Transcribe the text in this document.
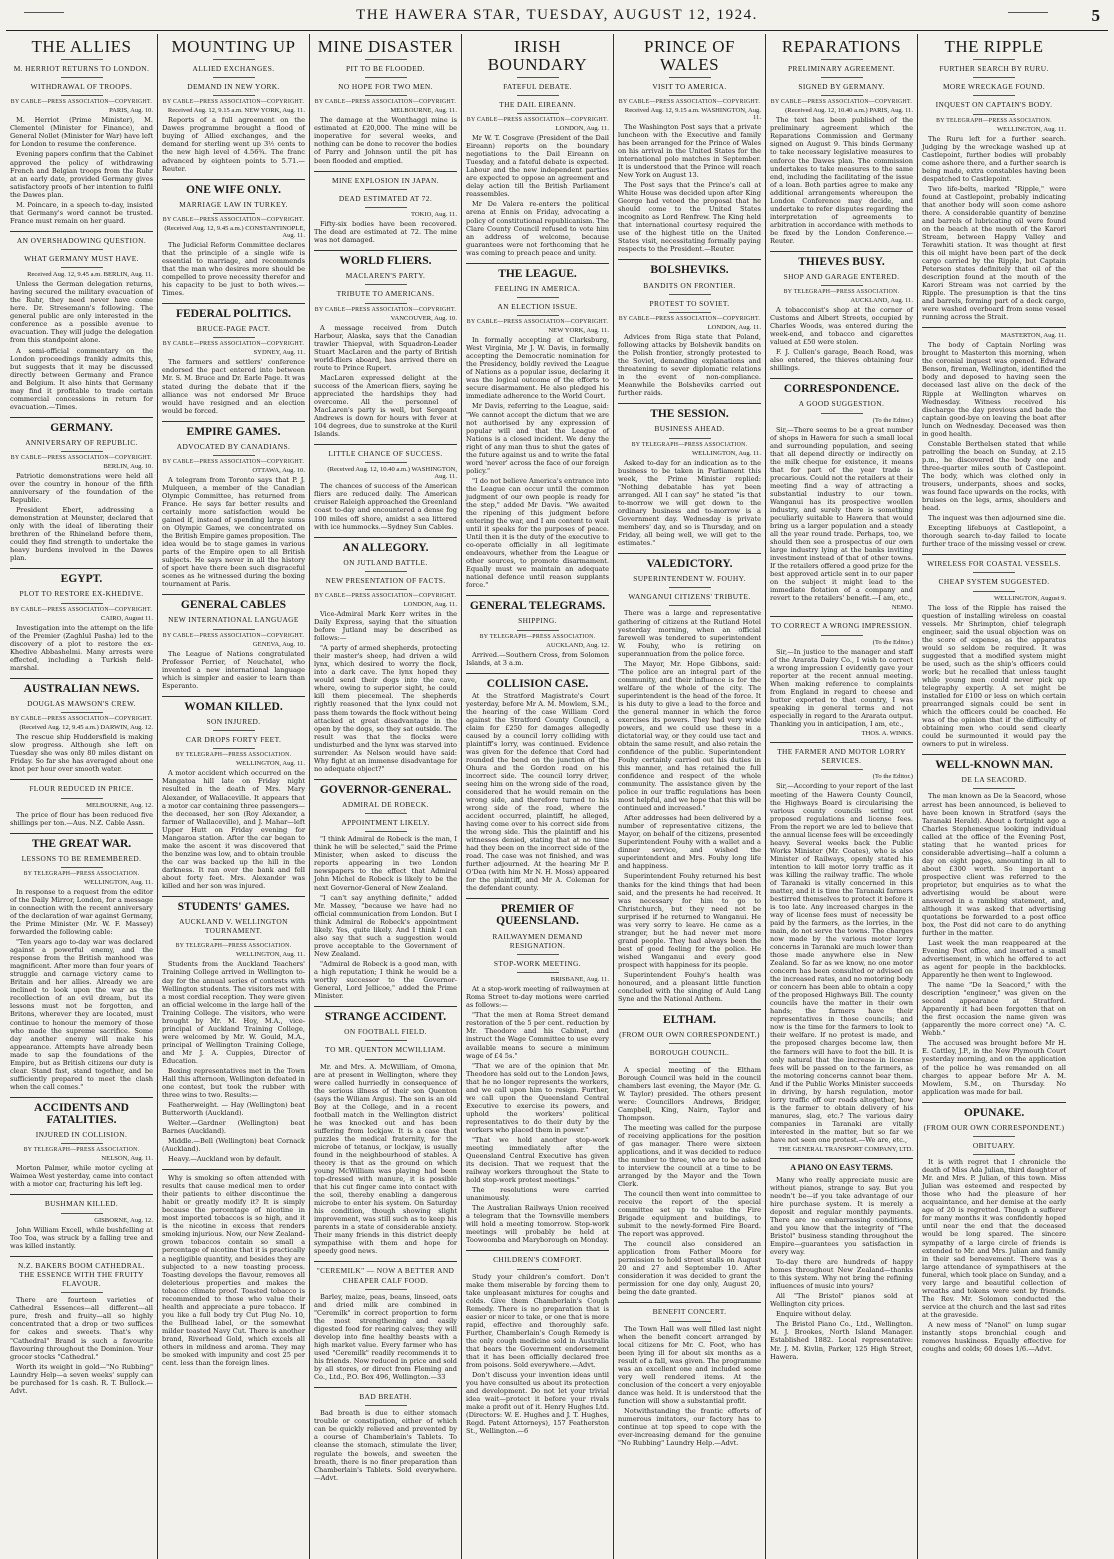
THE HAWERA STAR, TUESDAY, AUGUST 12, 1924.	5
THE ALLIES
M. HERRIOT RETURNS TO LONDON.
WITHDRAWAL OF TROOPS.
BY CABLE—PRESS ASSOCIATION—COPYRIGHT.
PARIS, Aug. 10.

M. Herriot (Prime Minister), M. Clementel (Minister for Finance), and General Nollet (Minister for War) have left for London to resume the conference.

Evening papers confirm that the Cabinet approved the policy of withdrawing French and Belgian troops from the Ruhr at an early date, provided Germany gives satisfactory proofs of her intention to fulfil the Dawes plan.

M. Poincare, in a speech to-day, insisted that Germany's word cannot be trusted. France must remain on her guard.

AN OVERSHADOWING QUESTION.
WHAT GERMANY MUST HAVE.
Received Aug. 12, 9.45 a.m. BERLIN, Aug. 11.

Unless the German delegation returns, having secured the military evacuation of the Ruhr, they need never have come here. Dr. Stresemann's following. The general public are only interested in the conference as a possible avenue to evacuation. They will judge the delegation from this standpoint alone.

A semi-official commentary on the London proceedings frankly admits this, but suggests that it may be discussed directly between Germany and France and Belgium. It also hints that Germany may find it profitable to trade certain commercial concessions in return for evacuation.—Times.

GERMANY.
ANNIVERSARY OF REPUBLIC.
BY CABLE—PRESS ASSOCIATION—COPYRIGHT.
BERLIN, Aug. 10.

Patriotic demonstrations were held all over the country in honour of the fifth anniversary of the foundation of the Republic.

President Ebert, addressing a demonstration at Meunster, declared that only with the ideal of liberating their brethren of the Rhineland before them, could they find strength to undertake the heavy burdens involved in the Dawes plan.

EGYPT.
PLOT TO RESTORE EX-KHEDIVE.
BY CABLE—PRESS ASSOCIATION—COPYRIGHT.
CAIRO, August 11.

Investigation into the attempt on the life of the Premier (Zaghlul Pasha) led to the discovery of a plot to restore the ex-Khedive Abbashelmi. Many arrests were effected, including a Turkish field-marshal.

AUSTRALIAN NEWS.
DOUGLAS MAWSON'S CREW.
BY CABLE—PRESS ASSOCIATION—COPYRIGHT.
(Received Aug. 12, 9.45 a.m.) DARWIN, Aug. 12.

The rescue ship Huddersfield is making slow progress. Although she left on Tuesday she was only 80 miles distant on Friday. So far she has averaged about one knot per hour over smooth water.

FLOUR REDUCED IN PRICE.
MELBOURNE, Aug. 12.

The price of flour has been reduced five shillings per ton.—Aus. N.Z. Cable Assn.

THE GREAT WAR.
LESSONS TO BE REMEMBERED.
BY TELEGRAPH—PRESS ASSOCIATION.
WELLINGTON, Aug. 11.

In response to a request from the editor of the Daily Mirror, London, for a message in connection with the recent anniversary of the declaration of war against Germany, the Prime Minister (Mr. W. F. Massey) forwarded the following cable:

"Ten years ago to-day war was declared against a powerful enemy, and the response from the British manhood was magnificent. After more than four years of struggle and carnage victory came to Britain and her allies. Already we are inclined to look upon the war as the recollection of an evil dream, but its lessons must not be forgotten, and Britons, wherever they are located, must continue to honour the memory of those who made the supreme sacrifice. Some day another enemy will make his appearance. Attempts have already been made to sap the foundations of the Empire, but as British citizens our duty is clear. Stand fast, stand together, and be sufficiently prepared to meet the clash when the call comes."

ACCIDENTS AND FATALITIES.
INJURED IN COLLISION.
BY TELEGRAPH—PRESS ASSOCIATION.
NELSON, Aug. 11.

Morton Palmer, while motor cycling at Waimea West yesterday, came into contact with a motor car, fracturing his left leg.

BUSHMAN KILLED.
GISBORNE, Aug. 12.

John William Excell, while bushfelling at Too Toa, was struck by a falling tree and was killed instantly.

N.Z. BAKERS BOOM CATHEDRAL. THE ESSENCE WITH THE FRUITY FLAVOUR.

There are fourteen varieties of Cathedral Essences—all different—all pure, fresh and fruity—all so highly concentrated that a drop or two suffices for cakes and sweets. That's why "Cathedral" Brand is such a favourite flavouring throughout the Dominion. Your grocer stocks "Cathedral."

Worth its weight in gold—"No Rubbing" Laundry Help—a seven weeks' supply can be purchased for 1s cash. R. T. Bullock.—Advt.

MOUNTING UP
ALLIED EXCHANGES.
DEMAND IN NEW YORK.
BY CABLE—PRESS ASSOCIATION—COPYRIGHT.
Received Aug. 12, 9.15 a.m. NEW YORK, Aug. 11.

Reports of a full agreement on the Dawes programme brought a flood of buying of Allied exchanges, and the demand for sterling went up 3½ cents to the new high level of 4.56¾. The franc advanced by eighteen points to 5.71.—Reuter.

ONE WIFE ONLY.
MARRIAGE LAW IN TURKEY.
BY CABLE—PRESS ASSOCIATION—COPYRIGHT.
(Received Aug. 12, 9.45 a.m.) CONSTANTINOPLE, Aug. 11.

The Judicial Reform Committee declares that the principle of a single wife is essential to marriage, and recommends that the man who desires more should be compelled to prove necessity therefor and his capacity to be just to both wives.—Times.

FEDERAL POLITICS.
BRUCE-PAGE PACT.
BY CABLE—PRESS ASSOCIATION—COPYRIGHT.
SYDNEY, Aug. 11.

The farmers and settlers' conference endorsed the pact entered into between Mr. S. M. Bruce and Dr. Earle Page. It was stated during the debate that if the alliance was not endorsed Mr Bruce would have resigned and an election would be forced.

EMPIRE GAMES.
ADVOCATED BY CANADIANS.
BY CABLE—PRESS ASSOCIATION—COPYRIGHT.
OTTAWA, Aug. 10.

A telegram from Toronto says that P. J. Mulqueen, a member of the Canadian Olympic Committee, has returned from France. He says far better results and certainly more satisfaction would be gained if, instead of spending large sums on Olympic Games, we concentrated on the British Empire games proposition. The idea would be to stage games in various parts of the Empire open to all British subjects. He says never in all the history of sport have there been such disgraceful scenes as he witnessed during the boxing tournament at Paris.

GENERAL CABLES
NEW INTERNATIONAL LANGUAGE
BY CABLE—PRESS ASSOCIATION—COPYRIGHT.
GENEVA, Aug. 10.

The League of Nations congratulated Professor Perrier, of Neuchatel, who invented a new international language which is simpler and easier to learn than Esperanto.

WOMAN KILLED.
SON INJURED.
CAR DROPS FORTY FEET.
BY TELEGRAPH—PRESS ASSOCIATION.
WELLINGTON, Aug. 11.

A motor accident which occurred on the Mangatoa hill late on Friday night resulted in the death of Mrs. Mary Alexander, of Wallaceville. It appears that a motor car containing three passengers—the deceased, her son (Roy Alexander, a farmer of Wallaceville), and J. Mahar—left Upper Hutt on Friday evening for Mangaroa station. After the car began to make the ascent it was discovered that the benzine was low, and to obtain trouble the car was backed up the hill in the darkness. It ran over the bank and fell about forty feet. Mrs. Alexander was killed and her son was injured.

STUDENTS' GAMES.
AUCKLAND V. WELLINGTON TOURNAMENT.
BY TELEGRAPH—PRESS ASSOCIATION.
WELLINGTON, Aug. 11.

Students from the Auckland Teachers' Training College arrived in Wellington to-day for the annual series of contests with Wellington students. The visitors met with a most cordial reception. They were given an official welcome in the large hall of the Training College. The visitors, who were brought by Mr. M. Hoy, M.A., vice-principal of Auckland Training College, were welcomed by Mr. W. Gould, M.A., principal of Wellington Training College, and Mr J. A. Cuppies, Director of Education.

Boxing representatives met in the Town Hall this afternoon, Wellington defeated in one contest, but took the rubber with three wins to two. Results:—

Featherweight. — Hay (Wellington) beat Butterworth (Auckland).

Welter.—Gardner (Wellington) beat Barnes (Auckland).

Middle.—Bell (Wellington) beat Cornack (Auckland).

Heavy.—Auckland won by default.

Why is smoking so often attended with results that cause medical men to order their patients to either discontinue the habit or greatly modify it? It is simply because the percentage of nicotine in most imported tobaccos is so high, and it is the nicotine in excess that renders smoking injurious. Now, our New Zealand-grown tobaccos contain so small a percentage of nicotine that it is practically a negligible quantity, and besides they are subjected to a new toasting process. Toasting develops the flavour, removes all deleterious properties and makes the tobacco climate proof. Toasted tobacco is recommended to those who value their health and appreciate a pure tobacco. If you like a full body try Cut Plug No. 10, the Bullhead label, or the somewhat milder toasted Navy Cut. There is another brand, Riverhead Gold, which excels all others in mildness and aroma. They may be smoked with impunity and cost 25 per cent. less than the foreign lines.

MINE DISASTER
PIT TO BE FLOODED.
NO HOPE FOR TWO MEN.
BY CABLE—PRESS ASSOCIATION—COPYRIGHT.
MELBOURNE, Aug. 11.

The damage at the Wonthaggi mine is estimated at £20,000. The mine will be inoperative for several weeks, and nothing can be done to recover the bodies of Parry and Johnson until the pit has been flooded and emptied.

MINE EXPLOSION IN JAPAN.
DEAD ESTIMATED AT 72.
TOKIO, Aug. 11.

Fifty-six bodies have been recovered. The dead are estimated at 72. The mine was not damaged.

WORLD FLIERS.
MACLAREN'S PARTY.
TRIBUTE TO AMERICANS.
BY CABLE—PRESS ASSOCIATION—COPYRIGHT.
VANCOUVER, Aug. 10.

A message received from Dutch Harbour, Alaska, says that the Canadian trawler Thiepval, with Squadron-Leader Stuart MacLaren and the party of British world-fliers aboard, has arrived there en route to Prince Rupert.

MacLaren expressed delight at the success of the American fliers, saying he appreciated the hardships they had overcome. All the personnel of MacLaren's party is well, but Sergeant Andrews is down for hours with fever at 104 degrees, due to sunstroke at the Kuril Islands.

LITTLE CHANCE OF SUCCESS.
(Received Aug. 12, 10.40 a.m.) WASHINGTON, Aug. 11.

The chances of success of the American fliers are reduced daily. The American cruiser Raleigh approached the Greenland coast to-day and encountered a dense fog 100 miles off shore, amidst a sea littered with ice hummocks.—Sydney Sun Cables.

AN ALLEGORY.
ON JUTLAND BATTLE.
NEW PRESENTATION OF FACTS.
BY CABLE—PRESS ASSOCIATION—COPYRIGHT.
LONDON, Aug. 11.

Vice-Admiral Mark Kerr writes in the Daily Express, saying that the situation before Jutland may be described as follows:—

"A party of armed shepherds, protecting their master's sheep, had driven a wild lynx, which desired to worry the flock, into a dark cave. The lynx hoped they would send their dogs into the cave, where, owing to superior sight, he could kill them piecemeal. The shepherds rightly reasoned that the lynx could not pass them towards the flock without being attacked at great disadvantage in the open by the dogs, so they sat outside. The result was that the flocks were undisturbed and the lynx was starved into surrender. As Nelson would have said: Why fight at an immense disadvantage for no adequate object?"

GOVERNOR-GENERAL.
ADMIRAL DE ROBECK.
APPOINTMENT LIKELY.

"I think Admiral de Robeck is the man, I think he will be selected," said the Prime Minister, when asked to discuss the reports appearing in two London newspapers to the effect that Admiral John Michel de Robeck is likely to be the next Governor-General of New Zealand.

"I can't say anything definite," added Mr. Massey, "because we have had no official communication from London. But I think Admiral de Robeck's appointment likely. Yes, quite likely. And I think I can also say that such a suggestion would prove acceptable to the Government of New Zealand.

"Admiral de Robeck is a good man, with a high reputation; I think he would be a worthy successor to the Governor-General, Lord Jellicoe," added the Prime Minister.

STRANGE ACCIDENT.
ON FOOTBALL FIELD.
TO MR. QUENTON MCWILLIAM.

Mr. and Mrs. A. McWilliam, of Omona, are at present in Wellington, where they were called hurriedly in consequence of the serious illness of their son Quenton (says the Wiliam Argus). The son is an old Boy at the College, and in a recent football match in the Wellington district he was knocked out and has been suffering from lockjaw. It is a case that puzzles the medical fraternity, for the microbe of tetanus, or lockjaw, is usually found in the neighbourhood of stables. A theory is that as the ground on which young McWilliam was playing had been top-dressed with manure, it is possible that his cut finger came into contact with the soil, thereby enabling a dangerous microbe to enter his system. On Saturday his condition, though showing slight improvement, was still such as to keep his parents in a state of considerable anxiety. Their many friends in this district deeply sympathise with them and hope for speedy good news.

"CEREMILK" — NOW A BETTER AND CHEAPER CALF FOOD.

Barley, maize, peas, beans, linseed, oats and dried milk are combined in "Ceremilk" in correct proportion to form the most strengthening and easily digested food for rearing calves; they will develop into fine healthy beasts with a high market value. Every farmer who has used "Ceremilk" readily recommends it to his friends. Now reduced in price and sold by all stores, or direct from Fleming and Co., Ltd., P.O. Box 496, Wellington.—33

BAD BREATH.

Bad breath is due to either stomach trouble or constipation, either of which can be quickly relieved and prevented by a course of Chamberlain's Tablets. To cleanse the stomach, stimulate the liver, regulate the bowels, and sweeten the breath, there is no finer preparation than Chamberlain's Tablets. Sold everywhere.—Advt.

IRISH BOUNDARY
FATEFUL DEBATE.
THE DAIL EIREANN.
BY CABLE—PRESS ASSOCIATION—COPYRIGHT.
LONDON, Aug. 11.

Mr W. T. Cosgrave (President of the Dail Eireann) reports on the boundary negotiations to the Dail Eireann on Tuesday, and a fateful debate is expected. Labour and the new independent parties are expected to oppose an agreement and delay action till the British Parliament reassembles.

Mr De Valera re-enters the political arena at Ennis on Friday, advocating a policy of constitutional republicanism. The Clare County Council refused to vote him an address of welcome, because guarantees were not forthcoming that he was coming to preach peace and unity.

THE LEAGUE.
FEELING IN AMERICA.
AN ELECTION ISSUE.
BY CABLE—PRESS ASSOCIATION—COPYRIGHT.
NEW YORK, Aug. 11.

In formally accepting at Clarksburg, West Virginia, Mr J. W. Davis, in formally accepting the Democratic nomination for the Presidency, boldly revived the League of Nations as a popular issue, declaring it was the logical outcome of the efforts to secure disarmament. He also pledged his immediate adherence to the World Court.

Mr Davis, referring to the League, said: "We cannot accept the dictum that we are not authorised by any expression of popular will and that the League of Nations is a closed incident. We deny the right of any man thus to shut the gates of the future against us and to write the fatal word 'never' across the face of our foreign policy."

"I do not believe America's entrance into the League can occur until the common judgment of our own people is ready for the step," added Mr Davis. "We awaited the ripening of this judgment before entering the war, and I am content to wait until it speaks for the purposes of peace. Until then it is the duty of the executive to co-operate officially in all legitimate endeavours, whether from the League or other sources, to promote disarmament. Equally must we maintain an adequate national defence until reason supplants force."

GENERAL TELEGRAMS.
SHIPPING.
BY TELEGRAPH—PRESS ASSOCIATION.
AUCKLAND, Aug. 12.

Arrived.—Southern Cross, from Solomon Islands, at 3 a.m.

COLLISION CASE.

At the Stratford Magistrate's Court yesterday, before Mr A. M. Mowlem, S.M., the hearing of the case William Cord against the Stratford County Council, a claim for £250 for damages allegedly caused by a council lorry colliding with plaintiff's lorry, was continued. Evidence was given for the defence that Cord had rounded the bend on the junction of the Ohura and the Gordon road on his incorrect side. The council lorry driver, seeing him on the wrong side of the road, considered that he would remain on the wrong side, and therefore turned to his wrong side of the road, where the accident occurred, plaintiff, he alleged, having come over to his correct side from the wrong side. This the plaintiff and his witnesses denied, stating that at no time had they been on the incorrect side of the road. The case was not finished, and was further adjourned. At the hearing Mr P. O'Dea (with him Mr N. H. Moss) appeared for the plaintiff, and Mr A. Coleman for the defendant county.

PREMIER OF QUEENSLAND.
RAILWAYMEN DEMAND RESIGNATION.
STOP-WORK MEETING.
BRISBANE, Aug. 11.

At a stop-work meeting of railwaymen at Roma Street to-day motions were carried as follows:—

"That the men at Roma Street demand restoration of the 5 per cent. reduction by Mr. Theodore and his Cabinet, and instruct the Wage Committee to use every available means to secure a minimum wage of £4 5s."

"That we are of the opinion that Mr. Theodore has sold out to the London Jews, that he no longer represents the workers, and we call upon him to resign. Further, we call upon the Queensland Central Executive to exercise its powers, and uphold the workers' political representatives to do their duty by the workers who placed them in power."

"That we hold another stop-work meeting immediately after the Queensland Central Executive has given its decision. That we request that the railway workers throughout the State to hold stop-work protest meetings."

The resolutions were carried unanimously.

The Australian Railways Union received a telegram that the Townsville members will hold a meeting tomorrow. Stop-work meetings will probably be held at Toowoomba and Maryborough on Monday.

CHILDREN'S COMFORT.

Study your children's comfort. Don't make them miserable by forcing them to take unpleasant mixtures for coughs and colds. Give them Chamberlain's Cough Remedy. There is no preparation that is easier or nicer to take, or one that is more rapid, effective and thoroughly safe. Further, Chamberlain's Cough Remedy is the only cough medicine sold in Australia that bears the Government endorsement that it has been officially declared free from poisons. Sold everywhere.—Advt.

Don't discuss your invention ideas until you have consulted us about its protection and development. Do not let your trivial idea wait—protect it before your rivals make a profit out of it. Henry Hughes Ltd. (Directors: W. E. Hughes and J. T. Hughes, Regd. Patent Attorneys), 157 Featherston St., Wellington.—6

PRINCE OF WALES
VISIT TO AMERICA.
BY CABLE—PRESS ASSOCIATION—COPYRIGHT.
Received Aug. 12, 9.15 a.m. WASHINGTON, Aug. 11.

The Washington Post says that a private luncheon with the Executive and family has been arranged for the Prince of Wales on his arrival in the United States for the international polo matches in September. It is understood that the Prince will reach New York on August 13.

The Post says that the Prince's call at White House was decided upon after King George had vetoed the proposal that he should come to the United States incognito as Lord Renfrew. The King held that international courtesy required the use of the highest title on the United States visit, necessitating formally paying respects to the President.—Reuter.

BOLSHEVIKS.
BANDITS ON FRONTIER.
PROTEST TO SOVIET.
BY CABLE—PRESS ASSOCIATION—COPYRIGHT.
LONDON, Aug. 11.

Advices from Riga state that Poland, following attacks by Bolshevik bandits on the Polish frontier, strongly protested to the Soviet, demanding explanations and threatening to sever diplomatic relations in the event of non-compliance. Meanwhile the Bolsheviks carried out further raids.

THE SESSION.
BUSINESS AHEAD.
BY TELEGRAPH—PRESS ASSOCIATION.
WELLINGTON, Aug. 11.

Asked to-day for an indication as to the business to be taken in Parliament this week, the Prime Minister replied: "Nothing debatable has yet been arranged. All I can say" he stated "is that to-morrow we will get down to the ordinary business and to-morrow is a Government day. Wednesday is private members' day, and so is Thursday, and on Friday, all being well, we will get to the estimates."

VALEDICTORY.
SUPERINTENDENT W. FOUHY.
WANGANUI CITIZENS' TRIBUTE.

There was a large and representative gathering of citizens at the Rutland Hotel yesterday morning, when an official farewell was tendered to superintendent W. Fouhy, who is retiring on superannuation from the police force.

The Mayor, Mr. Hope Gibbons, said: "The police are an integral part of the community, and their influence is for the welfare of the whole of the city. The superintendent is the head of the force. It is his duty to give a lead to the force and the general manner in which the force exercises its powers. They had very wide powers, and we could use these in a dictatorial way, or they could use tact and obtain the same result, and also retain the confidence of the public. Superintendent Fouhy certainly carried out his duties in this manner, and has retained the full confidence and respect of the whole community. The assistance given by the police in our traffic regulations has been most helpful, and we hope that this will be continued and increased."

After addresses had been delivered by a number of representative citizens, the Mayor, on behalf of the citizens, presented Superintendent Fouhy with a wallet and a dinner service, and wished the superintendent and Mrs. Fouhy long life and happiness.

Superintendent Fouhy returned his best thanks for the kind things that had been said, and the presents he had received. It was necessary for him to go to Christchurch, but they need not be surprised if he returned to Wanganui. He was very sorry to leave. He came as a stranger, but he had never met more grand people. They had always been the best of good feeling for the police. He wished Wanganui and every good prospect with happiness for its people.

Superintendent Fouhy's health was honoured, and a pleasant little function concluded with the singing of Auld Lang Syne and the National Anthem.

ELTHAM.
(FROM OUR OWN CORRESPONDENT.)
BOROUGH COUNCIL.

A special meeting of the Eltham Borough Council was held in the council chambers last evening, the Mayor (Mr. G. W. Taylor) presided. The others present were: Councillors Andrews, Bridger, Campbell, King, Nairn, Taylor and Thompson.

The meeting was called for the purpose of receiving applications for the position of gas manager. There were sixteen applications, and it was decided to reduce the number to three, who are to be asked to interview the council at a time to be arranged by the Mayor and the Town Clerk.

The council then went into committee to receive the report of the special committee set up to value the Fire Brigade equipment and buildings, to submit to the newly-formed Fire Board. The report was approved.

The council also considered an application from Father Moore for permission to hold street stalls on August 20 and 27 and September 10. After consideration it was decided to grant the permission for one day only, August 20, being the date granted.

BENEFIT CONCERT.

The Town Hall was well filled last night when the benefit concert arranged by local citizens for Mr. C. Foot, who has been lying ill for about six months as a result of a fall, was given. The programme was an excellent one and included some very well rendered items. At the conclusion of the concert a very enjoyable dance was held. It is understood that the function will show a substantial profit.

Notwithstanding the frantic efforts of numerous imitators, our factory has to continue at top speed to cope with the ever-increasing demand for the genuine "No Rubbing" Laundry Help.—Advt.

REPARATIONS
PRELIMINARY AGREEMENT.
SIGNED BY GERMANY.
BY CABLE—PRESS ASSOCIATION—COPYRIGHT.
(Received Aug. 12, 10.40 a.m.) PARIS, Aug. 11.

The text has been published of the preliminary agreement which the Reparations Commission and Germany signed on August 9. This binds Germany to take necessary legislative measures to enforce the Dawes plan. The commission undertakes to take measures to the same end, including the facilitating of the issue of a loan. Both parties agree to make any additional arrangements whereupon the London Conference may decide, and undertake to refer disputes regarding the interpretation of agreements to arbitration in accordance with methods to be fixed by the London Conference.—Reuter.

THIEVES BUSY.
SHOP AND GARAGE ENTERED.
BY TELEGRAPH—PRESS ASSOCIATION.
AUCKLAND, Aug. 11.

A tobacconist's shop at the corner of Customs and Albert Streets, occupied by Charles Woods, was entered during the week-end, and tobacco and cigarettes valued at £50 were stolen.

F. J. Cullen's garage, Beach Road, was also entered, the thieves obtaining four shillings.

CORRESPONDENCE.
A GOOD SUGGESTION.
(To the Editor.)

Sir,—There seems to be a great number of shops in Hawera for such a small local and surrounding population, and seeing that all depend directly or indirectly on the milk cheque for existence, it means that for part of the year trade is precarious. Could not the retailers at their meeting find a way of attracting a substantial industry to our town. Wanganui has its prospective woollen industry, and surely there is something peculiarly suitable to Hawera that would bring us a larger population and a steady all the year round trade. Perhaps, too, we should then see a prospectus of our own large industry lying at the banks inviting investment instead of that of other towns. If the retailers offered a good prize for the best approved article sent in to our paper on the subject it might lead to the immediate flotation of a company and revert to the retailers' benefit.—I am, etc.,

NEMO.

TO CORRECT A WRONG IMPRESSION.
(To the Editor.)

Sir,—In justice to the manager and staff of the Ararata Dairy Co., I wish to correct a wrong impression I evidently gave your reporter at the recent annual meeting. When making reference to complaints from England in regard to cheese and butter exported to that country, I was speaking in general terms and not especially in regard to the Ararata output. Thanking you in anticipation, I am, etc.,

THOS. A. WINKS.

THE FARMER AND MOTOR LORRY SERVICES.
(To the Editor.)

Sir,—According to your report of the last meeting of the Hawera County Council, the Highways Board is circularising the various county councils setting out proposed regulations and license fees. From the report we are led to believe that the annual license fees will be exceedingly heavy. Several weeks back the Public Works Minister (Mr. Coates), who is also Minister of Railways, openly stated his intention to kill motor lorry traffic as it was killing the railway traffic. The whole of Taranaki is vitally concerned in this matter, and it is time the Taranaki farmers bestirred themselves to protect it before it is too late. Any increased charges in the way of license fees must of necessity be paid by the farmers, as the lorries, in the main, do not serve the towns. The charges now made by the various motor lorry concerns in Taranaki are much lower than those made anywhere else in New Zealand. So far as we know, no one motor concern has been consulted or advised on the increased rates, and no motoring body or concern has been able to obtain a copy of the proposed Highways Bill. The county councils have the matter in their own hands; the farmers have their representatives in those councils; and now is the time for the farmers to look to their welfare. If no protest is made, and the proposed charges become law, then the farmers will have to foot the bill. It is only natural that the increase in license fees will be passed on to the farmers, as the motoring concerns cannot bear them. And if the Public Works Minister succeeds in driving, by harsh regulation, motor lorry traffic off our roads altogether, how is the farmer to obtain delivery of his manures, slag, etc.? The various dairy companies in Taranaki are vitally interested in the matter, but so far we have not seen one protest.—We are, etc.,

THE GENERAL TRANSPORT COMPANY, LTD.

A PIANO ON EASY TERMS.

Many who really appreciate music are without pianos, strange to say. But you needn't be—if you take advantage of our hire purchase system. It is merely a deposit and regular monthly payments. There are no embarrassing conditions, and you know that the integrity of "The Bristol" business standing throughout the Empire—guarantees you satisfaction in every way.

To-day there are hundreds of happy homes throughout New Zealand—thanks to this system. Why not bring the refining influences of music into yours?

All "The Bristol" pianos sold at Wellington city prices.

Enquire without delay.

The Bristol Piano Co., Ltd., Wellington. M. J. Brookes, North Island Manager. Established 1882. Local representative: Mr. J. M. Kivlin, Parker, 125 High Street, Hawera.

THE RIPPLE
FURTHER SEARCH BY RURU.
MORE WRECKAGE FOUND.
INQUEST ON CAPTAIN'S BODY.
BY TELEGRAPH—PRESS ASSOCIATION.
WELLINGTON, Aug. 11.

The Ruru left for a further search. Judging by the wreckage washed up at Castlepoint, further bodies will probably come ashore there, and a further search is being made, extra constables having been despatched to Castlepoint.

Two life-belts, marked "Ripple," were found at Castlepoint, probably indicating that another body will soon come ashore there. A considerable quantity of benzine and barrels of lubricating oil were found on the beach at the mouth of the Karori Stream, between Happy Valley and Terawhiti station. It was thought at first this oil might have been part of the deck cargo carried by the Ripple, but Captain Peterson states definitely that oil of the description found at the mouth of the Karori Stream was not carried by the Ripple. The presumption is that the tins and barrels, forming part of a deck cargo, were washed overboard from some vessel running across the Strait.

MASTERTON, Aug. 11.

The body of Captain Norling was brought to Masterton this morning, when the coronial inquest was opened. Edward Benson, fireman, Wellington, identified the body and deposed to having seen the deceased last alive on the deck of the Ripple at Wellington wharves on Wednesday. Witness received his discharge the day previous and bade the captain good-bye on leaving the boat after lunch on Wednesday. Deceased was then in good health.

Constable Berthelsen stated that while patrolling the beach on Sunday, at 2.15 p.m., he discovered the body one and three-quarter miles south of Castlepoint. The body, which was clothed only in trousers, underpants, shoes and socks, was found face upwards on the rocks, with bruises on the legs, arms, shoulders and head.

The inquest was then adjourned sine die.

Excepting lifebuoys at Castlepoint, a thorough search to-day failed to locate further trace of the missing vessel or crew.

WIRELESS FOR COASTAL VESSELS.
CHEAP SYSTEM SUGGESTED.
WELLINGTON, August 9.

The loss of the Ripple has raised the question of installing wireless on coastal vessels. Mr Shrimpton, chief telegraph engineer, said the usual objection was on the score of expense, as the apparatus would so seldom be required. It was suggested that a modified system might be used, such as the ship's officers could work; but he recalled that unless taught while young men could never pick up telegraphy expertly. A set might be installed for £100 or less on which certain prearranged signals could be sent in which the officers could be coached. He was of the opinion that if the difficulty of obtaining men who could send clearly could be surmounted it would pay the owners to put in wireless.

WELL-KNOWN MAN.
DE LA SEACORD.

The man known as De la Seacord, whose arrest has been announced, is believed to have been known in Stratford (says the Taranaki Herald). About a fortnight ago a Charles Stephenesque looking individual called at the office of the Evening Post, stating that he wanted prices for considerable advertising—half a column a day on eight pages, amounting in all to about £300 worth. So important a prospective client was referred to the proprietor, but enquiries as to what the advertising would be about were answered in a rambling statement, and, although it was asked that advertising quotations be forwarded to a post office box, the Post did not care to do anything further in the matter.

Last week the man reappeared at the Evening Post office, and inserted a small advertisement, in which he offered to act as agent for people in the backblocks. Apparently he then went to Inglewood.

The name "De la Seacord," with the description "engineer," was given on the second appearance at Stratford. Apparently it had been forgotten that on the first occasion the name given was (apparently the more correct one) "A. C. Webb."

The accused was brought before Mr H. E. Cattley, J.P., in the New Plymouth Court yesterday morning, and on the application of the police he was remanded on all charges to appear before Mr A. M. Mowlem, S.M., on Thursday. No application was made for bail.

OPUNAKE.
(FROM OUR OWN CORRESPONDENT.)
OBITUARY.

It is with regret that I chronicle the death of Miss Ada Julian, third daughter of Mr. and Mrs. P. Julian, of this town. Miss Julian was esteemed and respected by those who had the pleasure of her acquaintance, and her demise at the early age of 20 is regretted. Though a sufferer for many months it was confidently hoped until near the end that the deceased would be long spared. The sincere sympathy of a large circle of friends is extended to Mr. and Mrs. Julian and family in their sad bereavement. There was a large attendance of sympathisers at the funeral, which took place on Sunday, and a very large and beautiful collection of wreaths and tokens were sent by friends. The Rev. Mr. Solomon conducted the service at the church and the last sad rites at the graveside.

A new mess of "Nanol" on lump sugar instantly stops bronchial cough and removes huskiness. Equally effective for coughs and colds; 60 doses 1/6.—Advt.
